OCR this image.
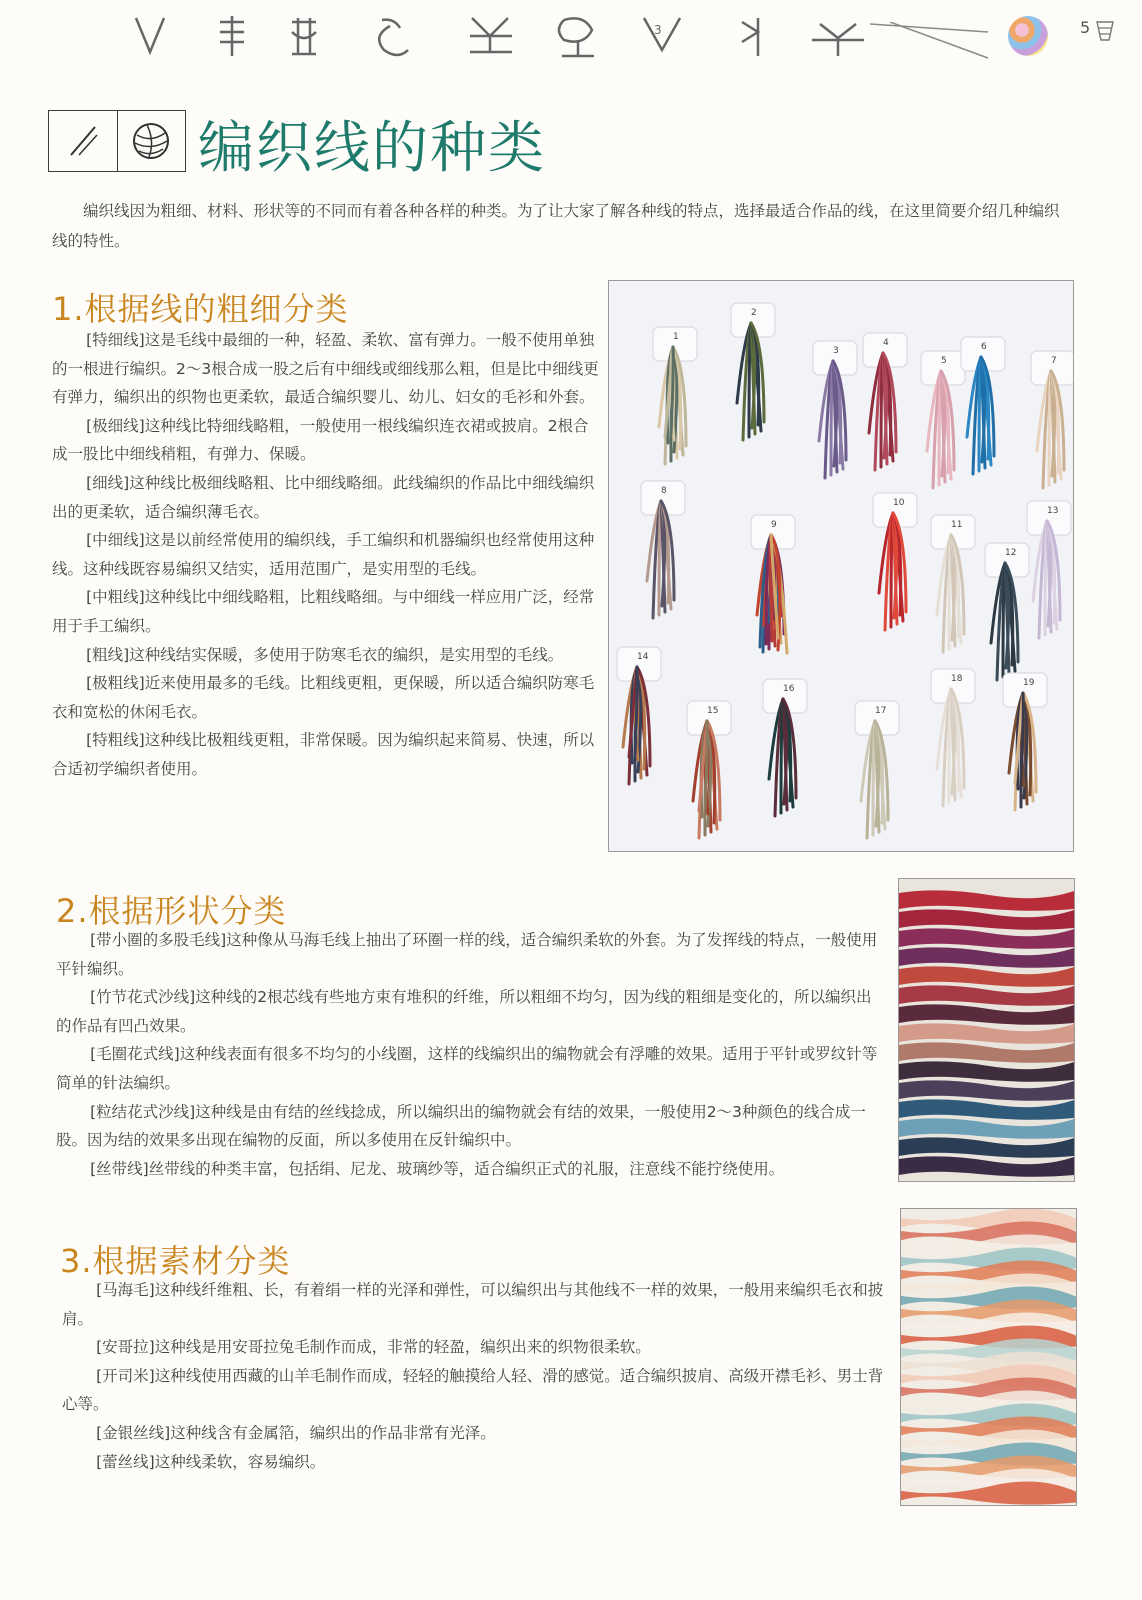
3	5
编织线的种类

编织线因为粗细、材料、形状等的不同而有着各种各样的种类。为了让大家了解各种线的特点，选择最适合作品的线，在这里简要介绍几种编织线的特性。

1.根据线的粗细分类

[特细线]这是毛线中最细的一种，轻盈、柔软、富有弹力。一般不使用单独的一根进行编织。2～3根合成一股之后有中细线或细线那么粗，但是比中细线更有弹力，编织出的织物也更柔软，最适合编织婴儿、幼儿、妇女的毛衫和外套。

[极细线]这种线比特细线略粗，一般使用一根线编织连衣裙或披肩。2根合成一股比中细线稍粗，有弹力、保暖。

[细线]这种线比极细线略粗、比中细线略细。此线编织的作品比中细线编织出的更柔软，适合编织薄毛衣。

[中细线]这是以前经常使用的编织线，手工编织和机器编织也经常使用这种线。这种线既容易编织又结实，适用范围广，是实用型的毛线。

[中粗线]这种线比中细线略粗，比粗线略细。与中细线一样应用广泛，经常用于手工编织。

[粗线]这种线结实保暖，多使用于防寒毛衣的编织，是实用型的毛线。

[极粗线]近来使用最多的毛线。比粗线更粗，更保暖，所以适合编织防寒毛衣和宽松的休闲毛衣。

[特粗线]这种线比极粗线更粗，非常保暖。因为编织起来简易、快速，所以合适初学编织者使用。

1
2
3
4
5
6
7
8
9
10
11
12
13
14
15
16
17
18	19
2.根据形状分类

[带小圈的多股毛线]这种像从马海毛线上抽出了环圈一样的线，适合编织柔软的外套。为了发挥线的特点，一般使用平针编织。

[竹节花式沙线]这种线的2根芯线有些地方束有堆积的纤维，所以粗细不均匀，因为线的粗细是变化的，所以编织出的作品有凹凸效果。

[毛圈花式线]这种线表面有很多不均匀的小线圈，这样的线编织出的编物就会有浮雕的效果。适用于平针或罗纹针等简单的针法编织。

[粒结花式沙线]这种线是由有结的丝线捻成，所以编织出的编物就会有结的效果，一般使用2～3种颜色的线合成一股。因为结的效果多出现在编物的反面，所以多使用在反针编织中。

[丝带线]丝带线的种类丰富，包括绢、尼龙、玻璃纱等，适合编织正式的礼服，注意线不能拧绕使用。

3.根据素材分类

[马海毛]这种线纤维粗、长，有着绢一样的光泽和弹性，可以编织出与其他线不一样的效果，一般用来编织毛衣和披肩。

[安哥拉]这种线是用安哥拉兔毛制作而成，非常的轻盈，编织出来的织物很柔软。

[开司米]这种线使用西藏的山羊毛制作而成，轻轻的触摸给人轻、滑的感觉。适合编织披肩、高级开襟毛衫、男士背心等。

[金银丝线]这种线含有金属箔，编织出的作品非常有光泽。

[蕾丝线]这种线柔软，容易编织。
